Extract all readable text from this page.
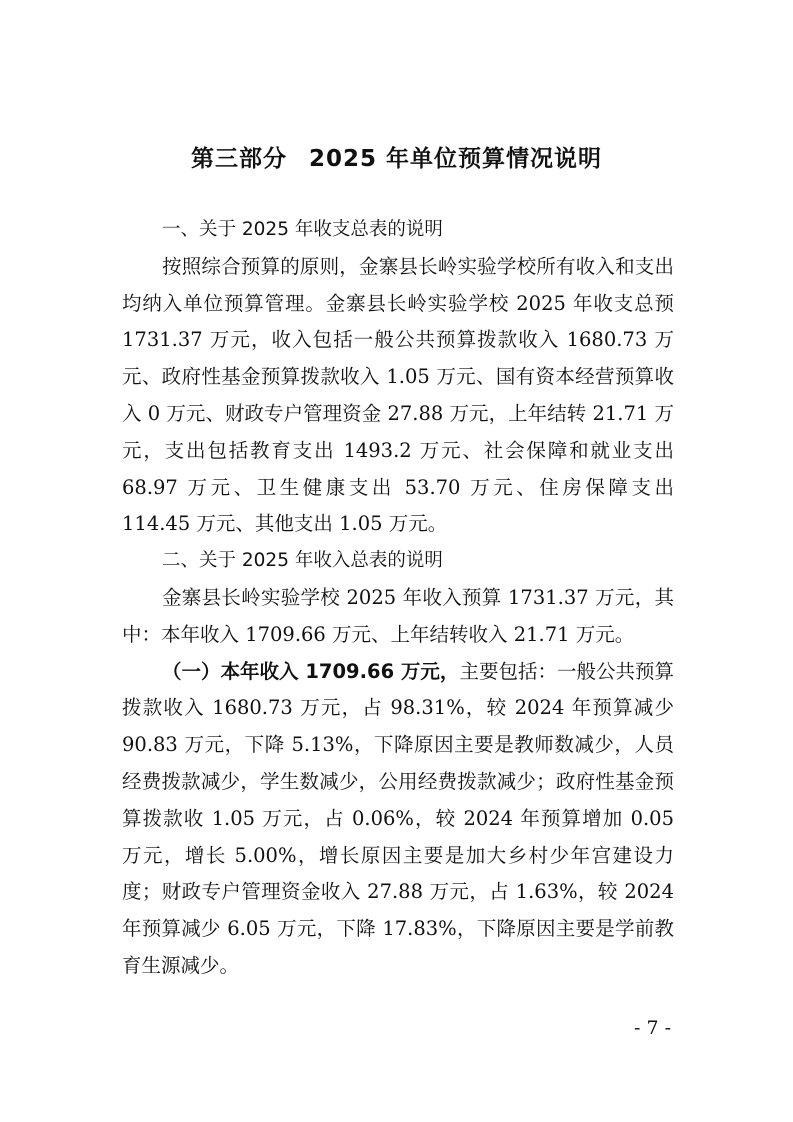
第三部分 2025 年单位预算情况说明

一、关于 2025 年收支总表的说明

按照综合预算的原则，金寨县长岭实验学校所有收入和支出均纳入单位预算管理。金寨县长岭实验学校 2025 年收支总预 1731.37 万元，收入包括一般公共预算拨款收入 1680.73 万元、政府性基金预算拨款收入 1.05 万元、国有资本经营预算收入 0 万元、财政专户管理资金 27.88 万元，上年结转 21.71 万元，支出包括教育支出 1493.2 万元、社会保障和就业支出 68.97 万元、卫生健康支出 53.70 万元、住房保障支出 114.45 万元、其他支出 1.05 万元。

二、关于 2025 年收入总表的说明

金寨县长岭实验学校 2025 年收入预算 1731.37 万元，其中：本年收入 1709.66 万元、上年结转收入 21.71 万元。

（一）本年收入 1709.66 万元，主要包括：一般公共预算拨款收入 1680.73 万元，占 98.31%，较 2024 年预算减少 90.83 万元，下降 5.13%，下降原因主要是教师数减少，人员经费拨款减少，学生数减少，公用经费拨款减少；政府性基金预算拨款收 1.05 万元，占 0.06%，较 2024 年预算增加 0.05 万元，增长 5.00%，增长原因主要是加大乡村少年宫建设力度；财政专户管理资金收入 27.88 万元，占 1.63%，较 2024 年预算减少 6.05 万元，下降 17.83%，下降原因主要是学前教育生源减少。

- 7 -
